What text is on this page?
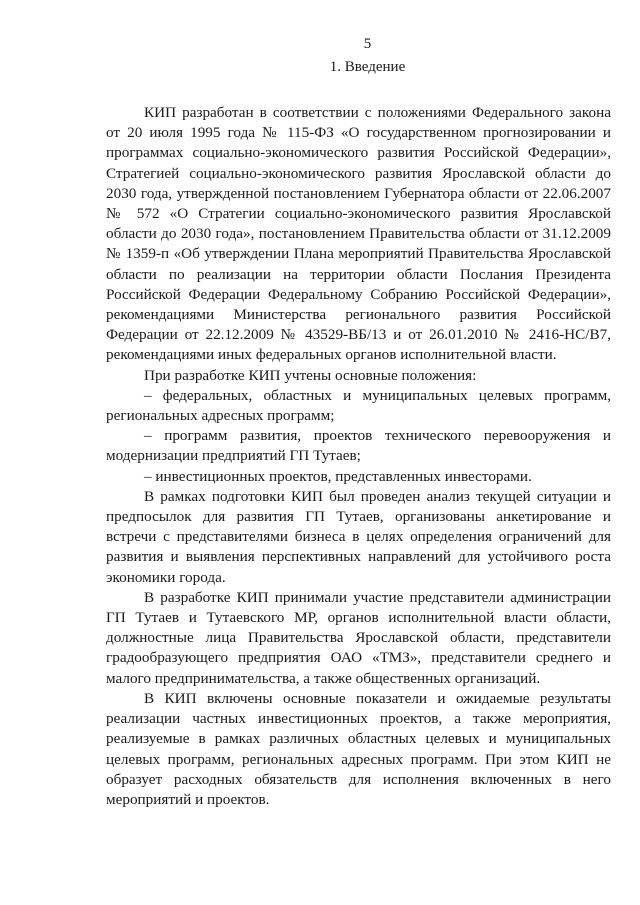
5
1. Введение

КИП разработан в соответствии с положениями Федерального закона от 20 июля 1995 года № 115-ФЗ «О государственном прогнозировании и программах социально-экономического развития Российской Федерации», Стратегией социально-экономического развития Ярославской области до 2030 года, утвержденной постановлением Губернатора области от 22.06.2007 № 572 «О Стратегии социально-экономического развития Ярославской области до 2030 года», постановлением Правительства области от 31.12.2009 № 1359-п «Об утверждении Плана мероприятий Правительства Ярославской области по реализации на территории области Послания Президента Российской Федерации Федеральному Собранию Российской Федерации», рекомендациями Министерства регионального развития Российской Федерации от 22.12.2009 № 43529-ВБ/13 и от 26.01.2010 № 2416-НС/В7, рекомендациями иных федеральных органов исполнительной власти.

При разработке КИП учтены основные положения:

– федеральных, областных и муниципальных целевых программ, региональных адресных программ;

– программ развития, проектов технического перевооружения и модернизации предприятий ГП Тутаев;

– инвестиционных проектов, представленных инвесторами.

В рамках подготовки КИП был проведен анализ текущей ситуации и предпосылок для развития ГП Тутаев, организованы анкетирование и встречи с представителями бизнеса в целях определения ограничений для развития и выявления перспективных направлений для устойчивого роста экономики города.

В разработке КИП принимали участие представители администрации ГП Тутаев и Тутаевского МР, органов исполнительной власти области, должностные лица Правительства Ярославской области, представители градообразующего предприятия ОАО «ТМЗ», представители среднего и малого предпринимательства, а также общественных организаций.

В КИП включены основные показатели и ожидаемые результаты реализации частных инвестиционных проектов, а также мероприятия, реализуемые в рамках различных областных целевых и муниципальных целевых программ, региональных адресных программ. При этом КИП не образует расходных обязательств для исполнения включенных в него мероприятий и проектов.
